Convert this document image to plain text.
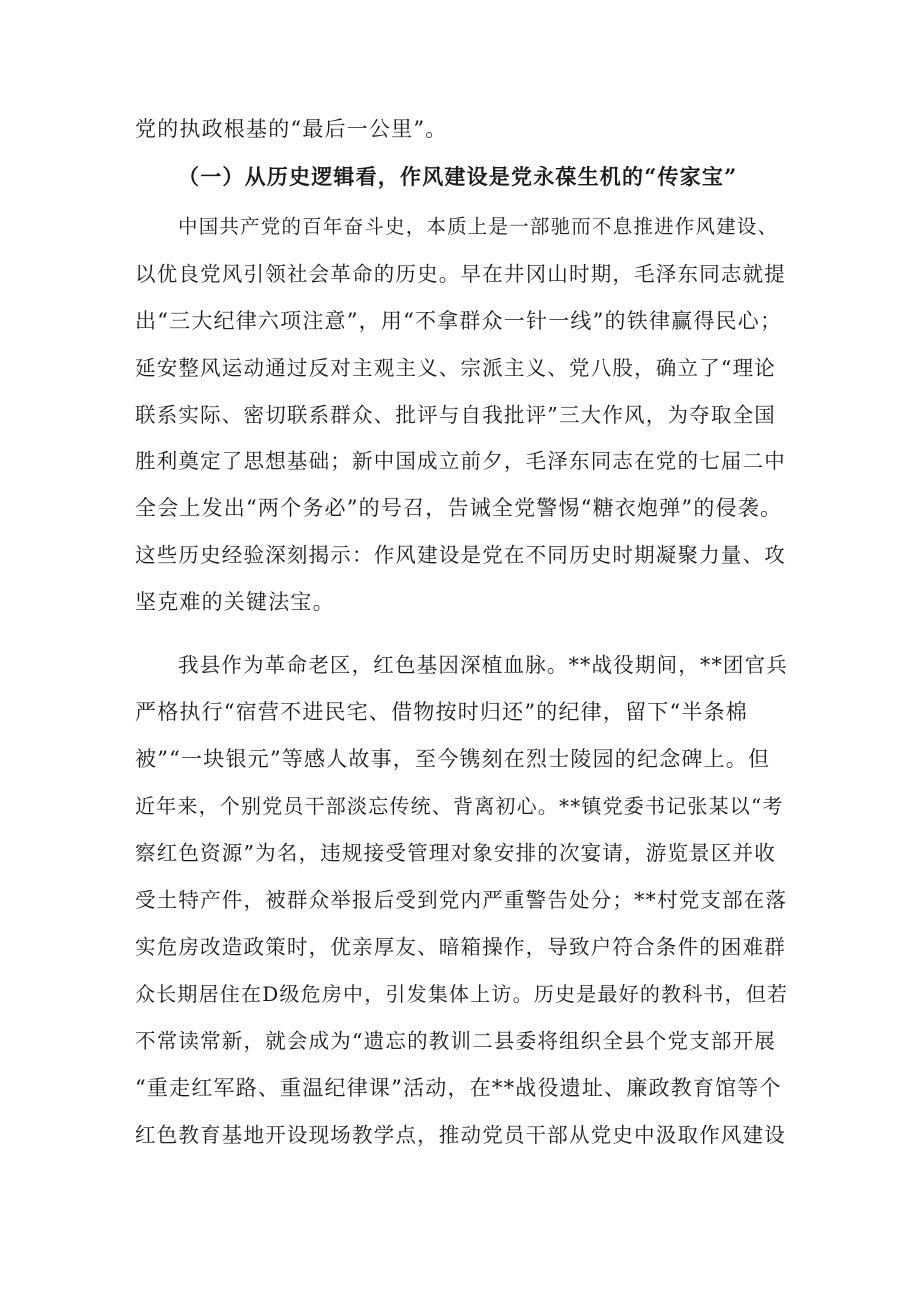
党的执政根基的“最后一公里”。
（一）从历史逻辑看，作风建设是党永葆生机的“传家宝”
中国共产党的百年奋斗史，本质上是一部驰而不息推进作风建设、
以优良党风引领社会革命的历史。早在井冈山时期，毛泽东同志就提
出“三大纪律六项注意”，用“不拿群众一针一线”的铁律赢得民心；
延安整风运动通过反对主观主义、宗派主义、党八股，确立了“理论
联系实际、密切联系群众、批评与自我批评”三大作风，为夺取全国
胜利奠定了思想基础；新中国成立前夕，毛泽东同志在党的七届二中
全会上发出“两个务必”的号召，告诫全党警惕“糖衣炮弹”的侵袭。
这些历史经验深刻揭示：作风建设是党在不同历史时期凝聚力量、攻
坚克难的关键法宝。
我县作为革命老区，红色基因深植血脉。**战役期间，**团官兵
严格执行“宿营不进民宅、借物按时归还”的纪律，留下“半条棉
被”“一块银元”等感人故事，至今镌刻在烈士陵园的纪念碑上。但
近年来，个别党员干部淡忘传统、背离初心。**镇党委书记张某以“考
察红色资源”为名，违规接受管理对象安排的次宴请，游览景区并收
受土特产件，被群众举报后受到党内严重警告处分；**村党支部在落
实危房改造政策时，优亲厚友、暗箱操作，导致户符合条件的困难群
众长期居住在D级危房中，引发集体上访。历史是最好的教科书，但若
不常读常新，就会成为“遗忘的教训二县委将组织全县个党支部开展
“重走红军路、重温纪律课”活动，在**战役遗址、廉政教育馆等个
红色教育基地开设现场教学点，推动党员干部从党史中汲取作风建设
